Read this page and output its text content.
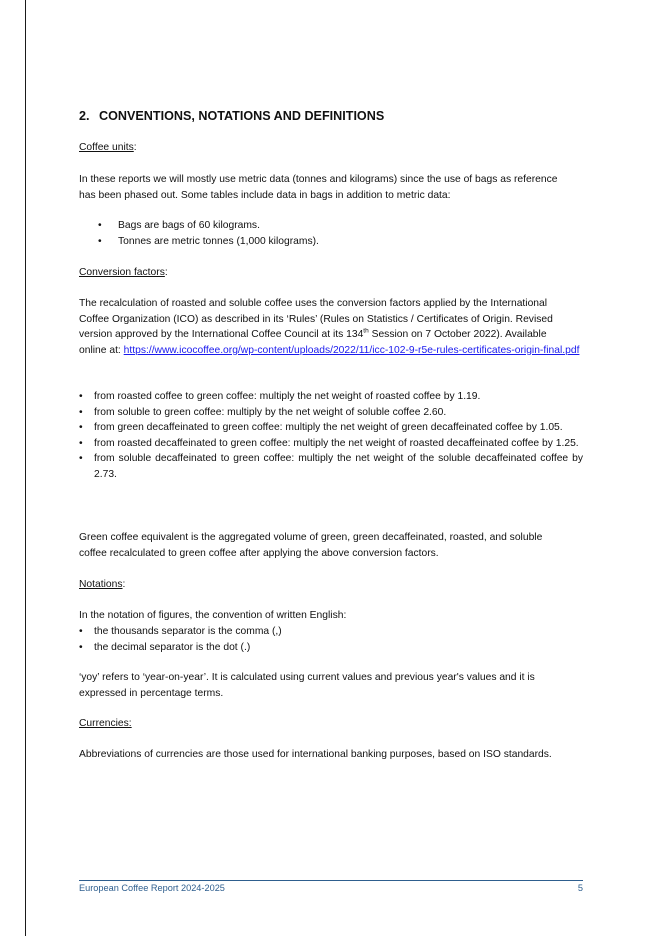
2. CONVENTIONS, NOTATIONS AND DEFINITIONS

Coffee units:

In these reports we will mostly use metric data (tonnes and kilograms) since the use of bags as reference
has been phased out. Some tables include data in bags in addition to metric data:

• Bags are bags of 60 kilograms.
• Tonnes are metric tonnes (1,000 kilograms).

Conversion factors:

The recalculation of roasted and soluble coffee uses the conversion factors applied by the International
Coffee Organization (ICO) as described in its ‘Rules’ (Rules on Statistics / Certificates of Origin. Revised
version approved by the International Coffee Council at its 134th Session on 7 October 2022). Available
online at: https://www.icocoffee.org/wp-content/uploads/2022/11/icc-102-9-r5e-rules-certificates-origin-final.pdf

• from roasted coffee to green coffee: multiply the net weight of roasted coffee by 1.19.
• from soluble to green coffee: multiply by the net weight of soluble coffee 2.60.
• from green decaffeinated to green coffee: multiply the net weight of green decaffeinated coffee by 1.05.
• from roasted decaffeinated to green coffee: multiply the net weight of roasted decaffeinated coffee by 1.25.
• from soluble decaffeinated to green coffee: multiply the net weight of the soluble decaffeinated coffee by 2.73.

Green coffee equivalent is the aggregated volume of green, green decaffeinated, roasted, and soluble
coffee recalculated to green coffee after applying the above conversion factors.

Notations:

In the notation of figures, the convention of written English:

• the thousands separator is the comma (,)
• the decimal separator is the dot (.)

‘yoy’ refers to ‘year-on-year’. It is calculated using current values and previous year's values and it is
expressed in percentage terms.

Currencies:

Abbreviations of currencies are those used for international banking purposes, based on ISO standards.

European Coffee Report 2024-2025	5
